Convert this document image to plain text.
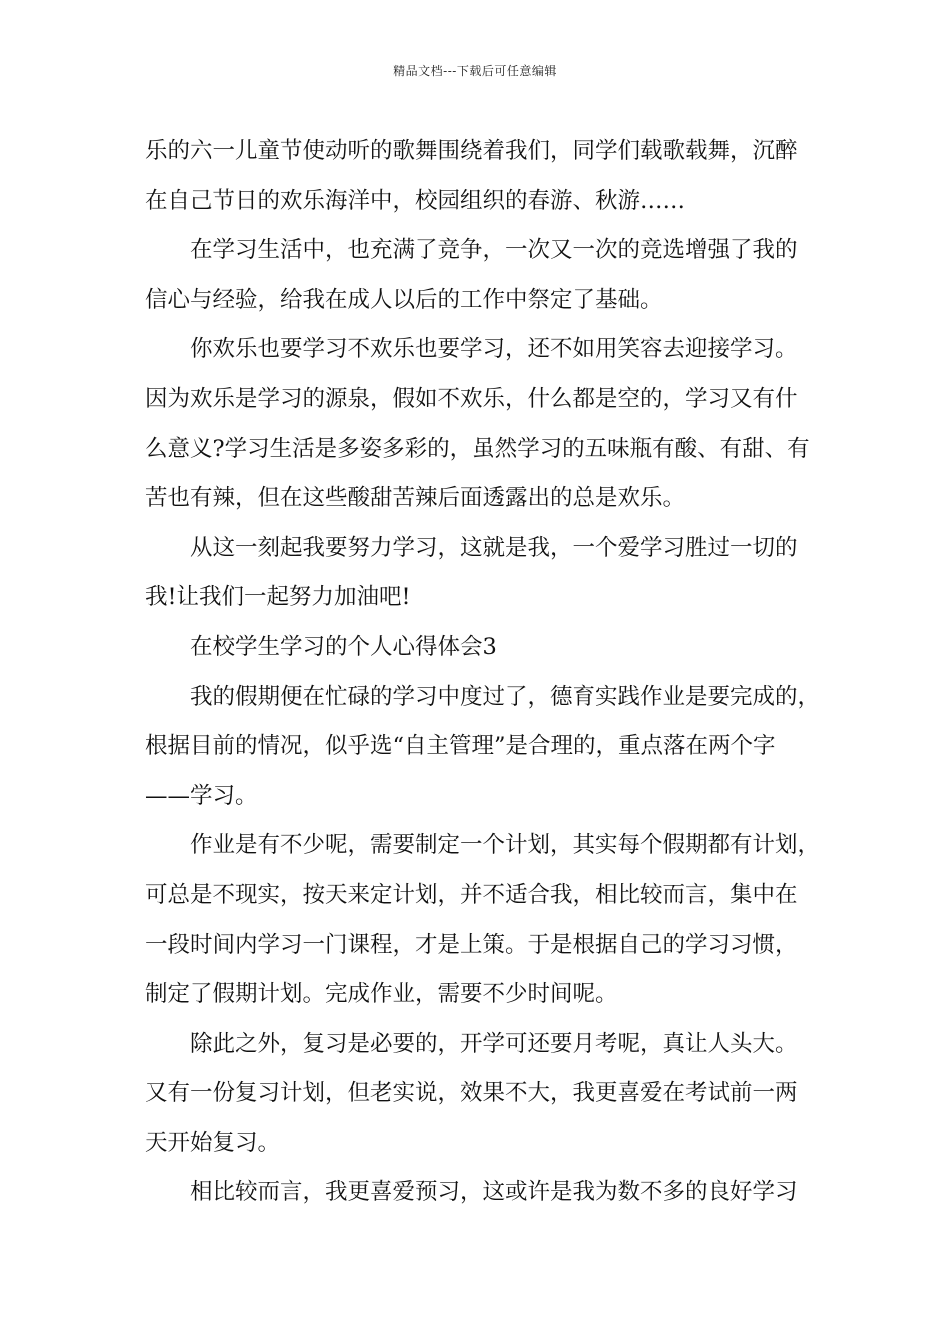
精品文档---下载后可任意编辑
乐的六一儿童节使动听的歌舞围绕着我们，同学们载歌载舞，沉醉
在自己节日的欢乐海洋中，校园组织的春游、秋游……
在学习生活中，也充满了竞争，一次又一次的竞选增强了我的
信心与经验，给我在成人以后的工作中祭定了基础。
你欢乐也要学习不欢乐也要学习，还不如用笑容去迎接学习。
因为欢乐是学习的源泉，假如不欢乐，什么都是空的，学习又有什
么意义?学习生活是多姿多彩的，虽然学习的五味瓶有酸、有甜、有
苦也有辣，但在这些酸甜苦辣后面透露出的总是欢乐。
从这一刻起我要努力学习，这就是我，一个爱学习胜过一切的
我!让我们一起努力加油吧!
在校学生学习的个人心得体会3
我的假期便在忙碌的学习中度过了，德育实践作业是要完成的，
根据目前的情况，似乎选“自主管理”是合理的，重点落在两个字
——学习。
作业是有不少呢，需要制定一个计划，其实每个假期都有计划，
可总是不现实，按天来定计划，并不适合我，相比较而言，集中在
一段时间内学习一门课程，才是上策。于是根据自己的学习习惯，
制定了假期计划。完成作业，需要不少时间呢。
除此之外，复习是必要的，开学可还要月考呢，真让人头大。
又有一份复习计划，但老实说，效果不大，我更喜爱在考试前一两
天开始复习。
相比较而言，我更喜爱预习，这或许是我为数不多的良好学习
